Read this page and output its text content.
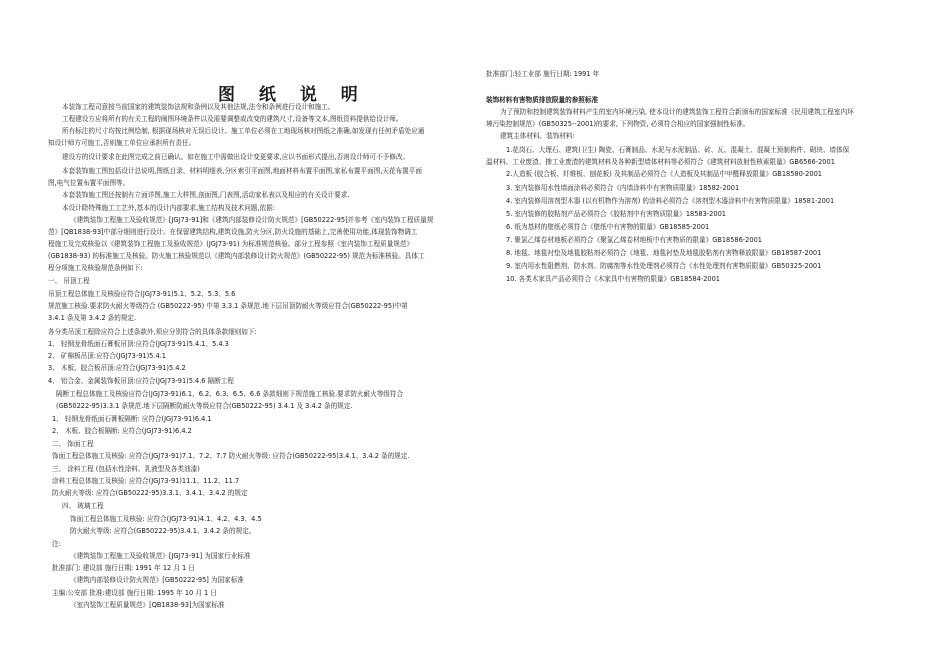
图 纸 说 明
本装饰工程司意按当前国家的建筑装饰法规和条例以及其他法规,法令和条例进行设计和施工。
工程建设方应将所有的有关工程的阐图环境条件以及需要调整或改变的建筑尺寸,设备等文本,图纸资料提供给设计师。
所有标注的尺寸均按比例绘制, 根据现场核对无误后设计。施工单位必须在工地现场核对图纸之准确,如发现有任何矛盾处应通
知设计师方可施工,否则施工单位应承担所有责任。
建设方的设计要求在此图完成之前已确认。如在施工中需做出设计变更要求,应以书面形式提出,否则设计师可不予修改。
本套装饰施工图包括设计总说明,图纸目录、材料明细表,分区索引平面图,地面材料布置平面图,家私布置平面图,天花布置平面
图,电气位置布置平面图等。
本套装饰施工图还按制有立面详图,施工大样图,剖面图,门表图,活动家私表以及相应的有关设计要求.
本设计除特殊施工工艺外,基本的设计内部要求,施工结构及技术问题,依据:
《建筑装饰工程施工及验收规范》[JGJ73-91]和《建筑内部装修设计防火规范》[GB50222-95]并参考《室内装饰工程质量规
范》[QB1838-93]中部分细则进行设计。在保留建筑结构,建筑设施,防火分区,防火设施的基础上,完善使用功能,体现装饰物调工
程施工及完成核验以《建筑装饰工程施工及验收规范》(JGJ73-91) 为标准规范核验。部分工程参照《室内装饰工程质量规范》
(GB1838-93) 的标准施工及核验。防火施工核验规范以《建筑内部装修设计防火规范》(GB50222-95) 规范为标准核验。具体工
程分项施工及核验规范条例如下:
一、 吊顶工程
吊顶工程总体施工及核验应符合(JGJ73-91)5.1、5.2、5.3、5.6
规范施工核验.要求防火耐火等级符合 (GB50222-95) 中第 3.3.1 条规范.地下层吊顶防耐火等级应符合(GB50222-95)中第
3.4.1 条及第 3.4.2 条的规定.
各分类吊顶工程除应符合上述条款外,须应分别符合的具体条款细则如下:
1、 轻钢龙骨纸面石膏板吊顶:应符合(JGJ73-91)5.4.1、5.4.3
2、 矿棉板吊顶:应符合(JGJ73-91)5.4.1
3、 木板、胶合板吊顶:应符合(JGJ73-91)5.4.2
4、 铝合金、金属装饰板吊顶:应符合(JGJ73-91)5.4.6 隔断工程
隔断工程总体施工及核验应符合(JGJ73-91)6.1、6.2、6.3、6.5、6.6 条款细则下规范施工核验.要求防火耐火等级符合
(GB50222-95)3.3.1 条规范.地下层隔断防耐火等级应符合(GB50222-95) 3.4.1 及 3.4.2 条的规定.
1、 轻钢龙骨纸面石膏板隔断: 应符合(JGJ73-91)6.4.1
2、 木板、胶合板隔断: 应符合(JGJ73-91)6.4.2
二、 饰面工程
饰面工程总体施工及核验: 应符合(JGJ73-91)7.1、7.2、7.7 防火耐火等级: 应符合(GB50222-95)3.4.1、3.4.2 条的规定.
三、 涂料工程 (包括水性涂料、乳液型及各类油漆)
涂料工程总体施工及核验: 应符合(JGJ73-91)11.1、11.2、11.7
防火耐火等级: 应符合(GB50222-95)3.3.1、3.4.1、3.4.2 的规定
四、 玻璃工程
饰面工程总体施工及核验: 应符合(JGJ73-91)4.1、4.2、4.3、4.5
防火耐火等级: 应符合(GB50222-95)3.4.1、3.4.2 条的规定。
注:
《建筑装饰工程施工及验收规范》[JGJ73-91] 为国家行业标准
批准部门: 建设部 施行日期: 1991 年 12 月 1 日
《建筑内部装修设计防火规范》[GB50222-95] 为国家标准
主编:公安部 批准:建设部 施行日期: 1995 年 10 月 1 日
《室内装饰工程质量规范》[QB1838-93]为国家标准
批准部门:轻工业部 施行日期: 1991 年
装饰材料有害物质排放限量的参照标准
为了预防和控制建筑装饰材料产生的室内环境污染, 使本设计的建筑装饰工程符合新颁布的国家标准《民用建筑工程室内环
境污染控制规范》(GB50325--2001)的要求, 下列物资, 必须符合相应的国家强制性标准。
建筑主体材料、装饰材料:
1.花岗石、大理石、建筑(卫生) 陶瓷、石膏制品、水泥与水泥制品、砖、瓦、混凝土、混凝土预制构件、砌块、墙体保
温材料、工业废渣、掺工业废渣的建筑材料及各种新型墙体材料等必须符合《建筑材料放射性核素限量》GB6566-2001
2.人造板 (胶合板、纤维板、刨花板) 及其制品必须符合《人造板及其制品中甲醛释放限量》GB18580-2001
3. 室内装修用水性墙面涂料必须符合《内墙涂料中有害物质限量》18582-2001
4. 室内装修用溶剂型木器 (以有机物作为溶剂) 的涂料必须符合《溶剂型木器涂料中有害物质限量》18581-2001
5. 室内装修的胶粘剂产品必须符合《胶粘剂中有害物质限量》18583-2001
6. 纸为基材的壁纸必须符合《壁纸中有害物的限量》GB18585-2001
7. 聚氯乙烯卷材地板必须符合《聚氯乙烯卷材地板中有害物质的限量》GB18586-2001
8. 地毯、地毯衬垫及地毯胶粘剂必须符合《地毯、地毯衬垫及地毯胶粘剂有害物释放限量》GB18587-2001
9. 室内用水性阻燃剂、防水剂、防腐剂等水性处理剂必须符合《水性处理剂有害物质限量》GB50325-2001
10. 各类木家具产品必须符合《木家具中有害物的限量》GB18584-2001
